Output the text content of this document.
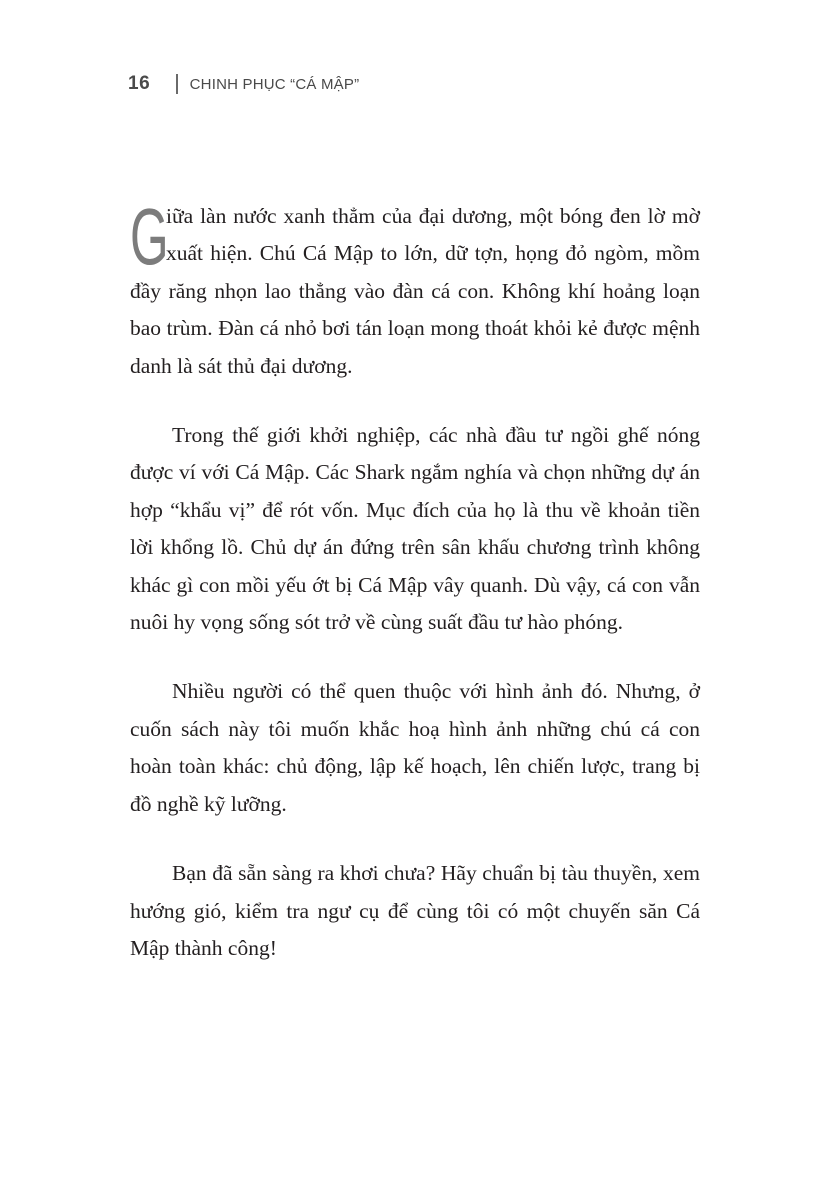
16	CHINH PHỤC “CÁ MẬP”

G
iữa làn nước xanh thẳm của đại dương, một bóng đen lờ mờ xuất hiện. Chú Cá Mập to lớn, dữ tợn, họng đỏ ngòm, mồm đầy răng nhọn lao thẳng vào đàn cá con. Không khí hoảng loạn bao trùm. Đàn cá nhỏ bơi tán loạn mong thoát khỏi kẻ được mệnh danh là sát thủ đại dương.

Trong thế giới khởi nghiệp, các nhà đầu tư ngồi ghế nóng được ví với Cá Mập. Các Shark ngắm nghía và chọn những dự án hợp “khẩu vị” để rót vốn. Mục đích của họ là thu về khoản tiền lời khổng lồ. Chủ dự án đứng trên sân khấu chương trình không khác gì con mồi yếu ớt bị Cá Mập vây quanh. Dù vậy, cá con vẫn nuôi hy vọng sống sót trở về cùng suất đầu tư hào phóng.

Nhiều người có thể quen thuộc với hình ảnh đó. Nhưng, ở cuốn sách này tôi muốn khắc hoạ hình ảnh những chú cá con hoàn toàn khác: chủ động, lập kế hoạch, lên chiến lược, trang bị đồ nghề kỹ lưỡng.

Bạn đã sẵn sàng ra khơi chưa? Hãy chuẩn bị tàu thuyền, xem hướng gió, kiểm tra ngư cụ để cùng tôi có một chuyến săn Cá Mập thành công!
